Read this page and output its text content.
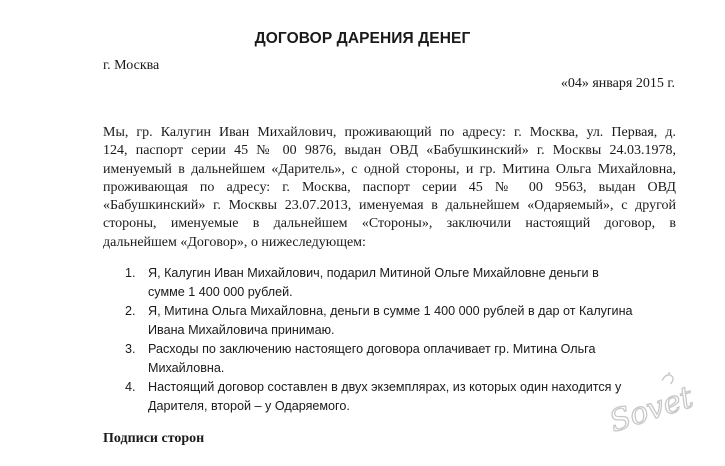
ДОГОВОР ДАРЕНИЯ ДЕНЕГ
г. Москва
«04» января 2015 г.
Мы, гр. Калугин Иван Михайлович, проживающий по адресу: г. Москва, ул. Первая, д.
124, паспорт серии 45 № 00 9876, выдан ОВД «Бабушкинский» г. Москвы 24.03.1978,
именуемый в дальнейшем «Даритель», с одной стороны, и гр. Митина Ольга Михайловна,
проживающая по адресу: г. Москва, паспорт серии 45 № 00 9563, выдан ОВД
«Бабушкинский» г. Москвы 23.07.2013, именуемая в дальнейшем «Одаряемый», с другой
стороны, именуемые в дальнейшем «Стороны», заключили настоящий договор, в
дальнейшем «Договор», о нижеследующем:
1. Я, Калугин Иван Михайлович, подарил Митиной Ольге Михайловне деньги в
сумме 1 400 000 рублей.
2. Я, Митина Ольга Михайловна, деньги в сумме 1 400 000 рублей в дар от Калугина
Ивана Михайловича принимаю.
3. Расходы по заключению настоящего договора оплачивает гр. Митина Ольга
Михайловна.
4. Настоящий договор составлен в двух экземплярах, из которых один находится у
Дарителя, второй – у Одаряемого.
Подписи сторон	Sovet
